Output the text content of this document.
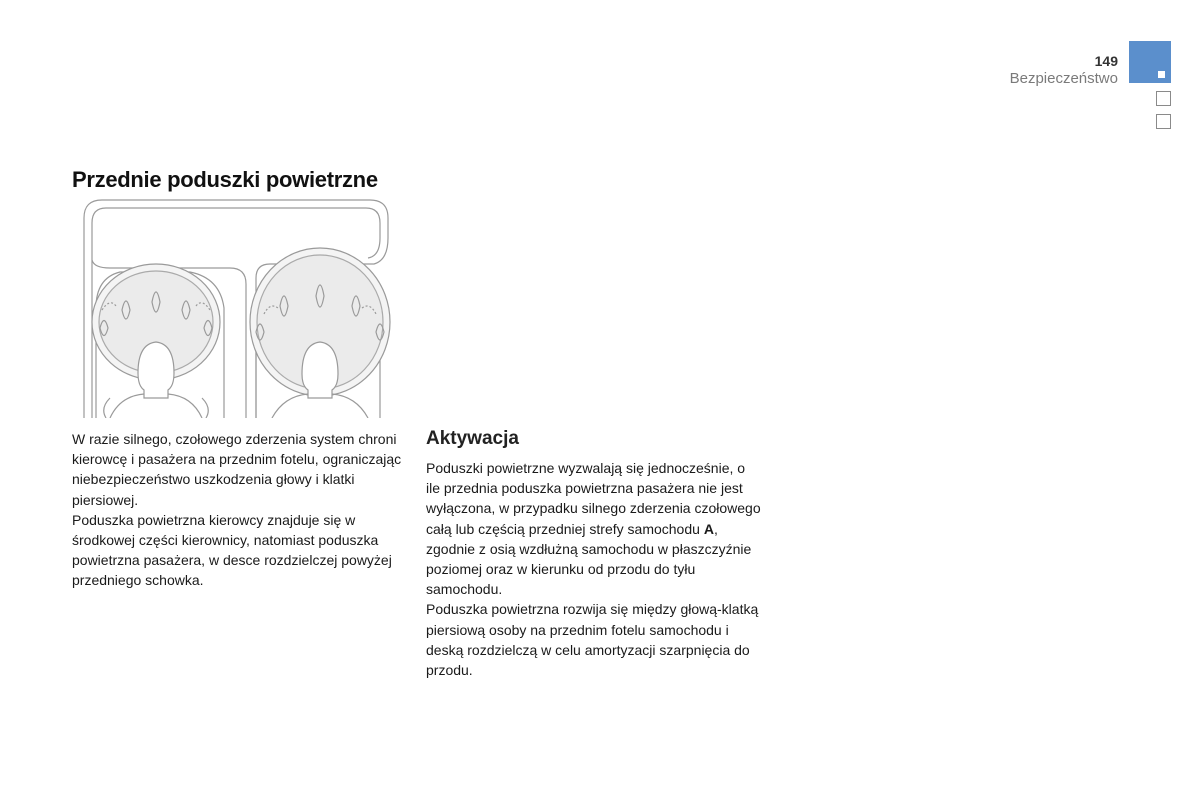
149
Bezpieczeństwo
Przednie poduszki powietrzne

W razie silnego, czołowego zderzenia system chroni kierowcę i pasażera na przednim fotelu, ograniczając niebezpieczeństwo uszkodzenia głowy i klatki piersiowej.

Poduszka powietrzna kierowcy znajduje się w środkowej części kierownicy, natomiast poduszka powietrzna pasażera, w desce rozdzielczej powyżej przedniego schowka.

Aktywacja

Poduszki powietrzne wyzwalają się jednocześnie, o ile przednia poduszka powietrzna pasażera nie jest wyłączona, w przypadku silnego zderzenia czołowego całą lub częścią przedniej strefy samochodu A, zgodnie z osią wzdłużną samochodu w płaszczyźnie poziomej oraz w kierunku od przodu do tyłu samochodu.

Poduszka powietrzna rozwija się między głową-klatką piersiową osoby na przednim fotelu samochodu i deską rozdzielczą w celu amortyzacji szarpnięcia do przodu.
